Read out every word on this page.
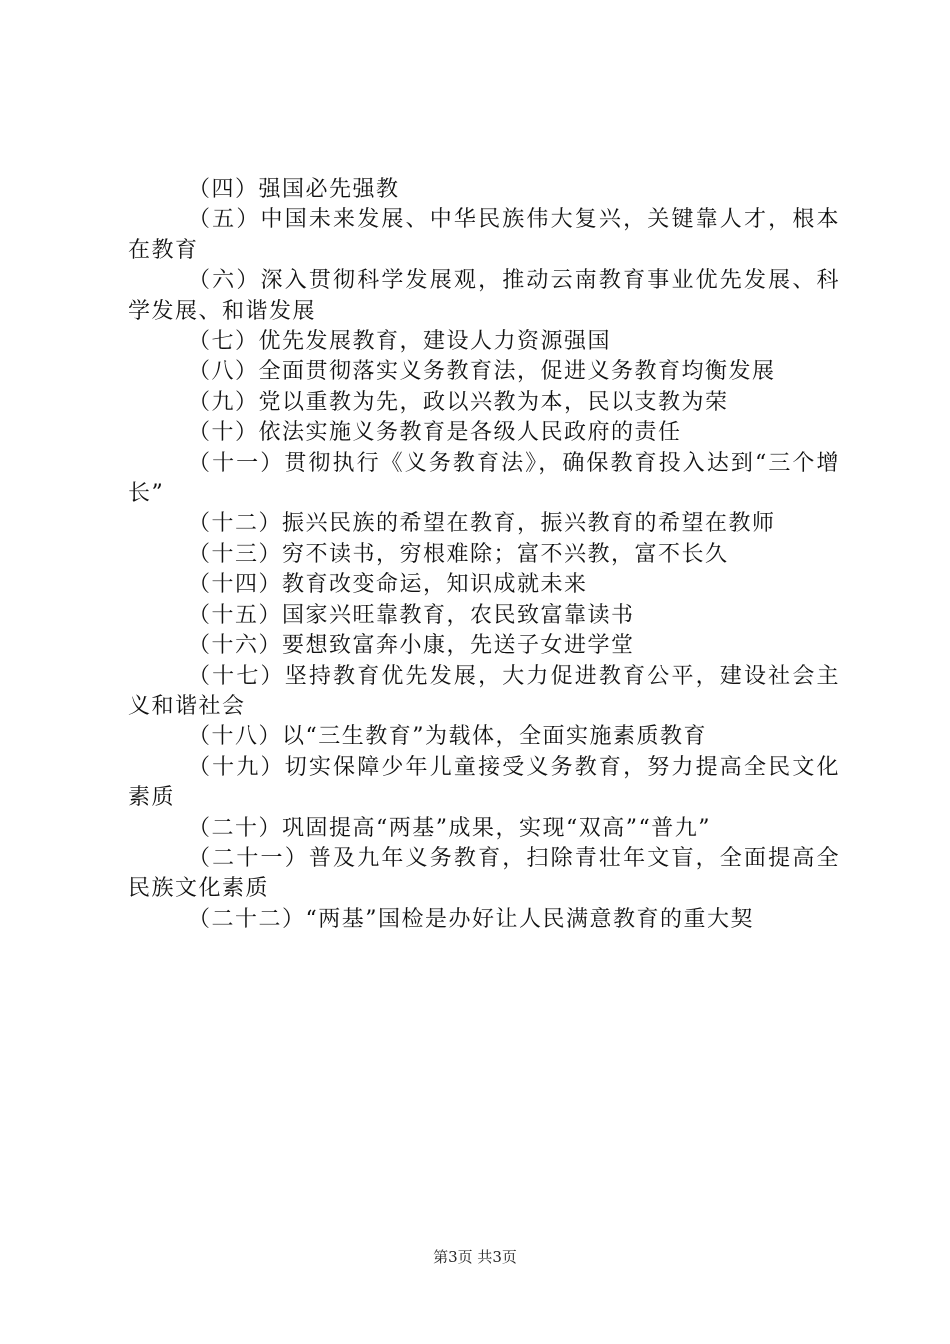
（四）强国必先强教

（五）中国未来发展、中华民族伟大复兴，关键靠人才，根本在教育

（六）深入贯彻科学发展观，推动云南教育事业优先发展、科学发展、和谐发展

（七）优先发展教育，建设人力资源强国

（八）全面贯彻落实义务教育法，促进义务教育均衡发展

（九）党以重教为先，政以兴教为本，民以支教为荣

（十）依法实施义务教育是各级人民政府的责任

（十一）贯彻执行《义务教育法》，确保教育投入达到“三个增长”

（十二）振兴民族的希望在教育，振兴教育的希望在教师

（十三）穷不读书，穷根难除；富不兴教，富不长久

（十四）教育改变命运，知识成就未来

（十五）国家兴旺靠教育，农民致富靠读书

（十六）要想致富奔小康，先送子女进学堂

（十七）坚持教育优先发展，大力促进教育公平，建设社会主义和谐社会

（十八）以“三生教育”为载体，全面实施素质教育

（十九）切实保障少年儿童接受义务教育，努力提高全民文化素质

（二十）巩固提高“两基”成果，实现“双高”“普九”

（二十一）普及九年义务教育，扫除青壮年文盲，全面提高全民族文化素质

（二十二）“两基”国检是办好让人民满意教育的重大契

第3页 共3页
